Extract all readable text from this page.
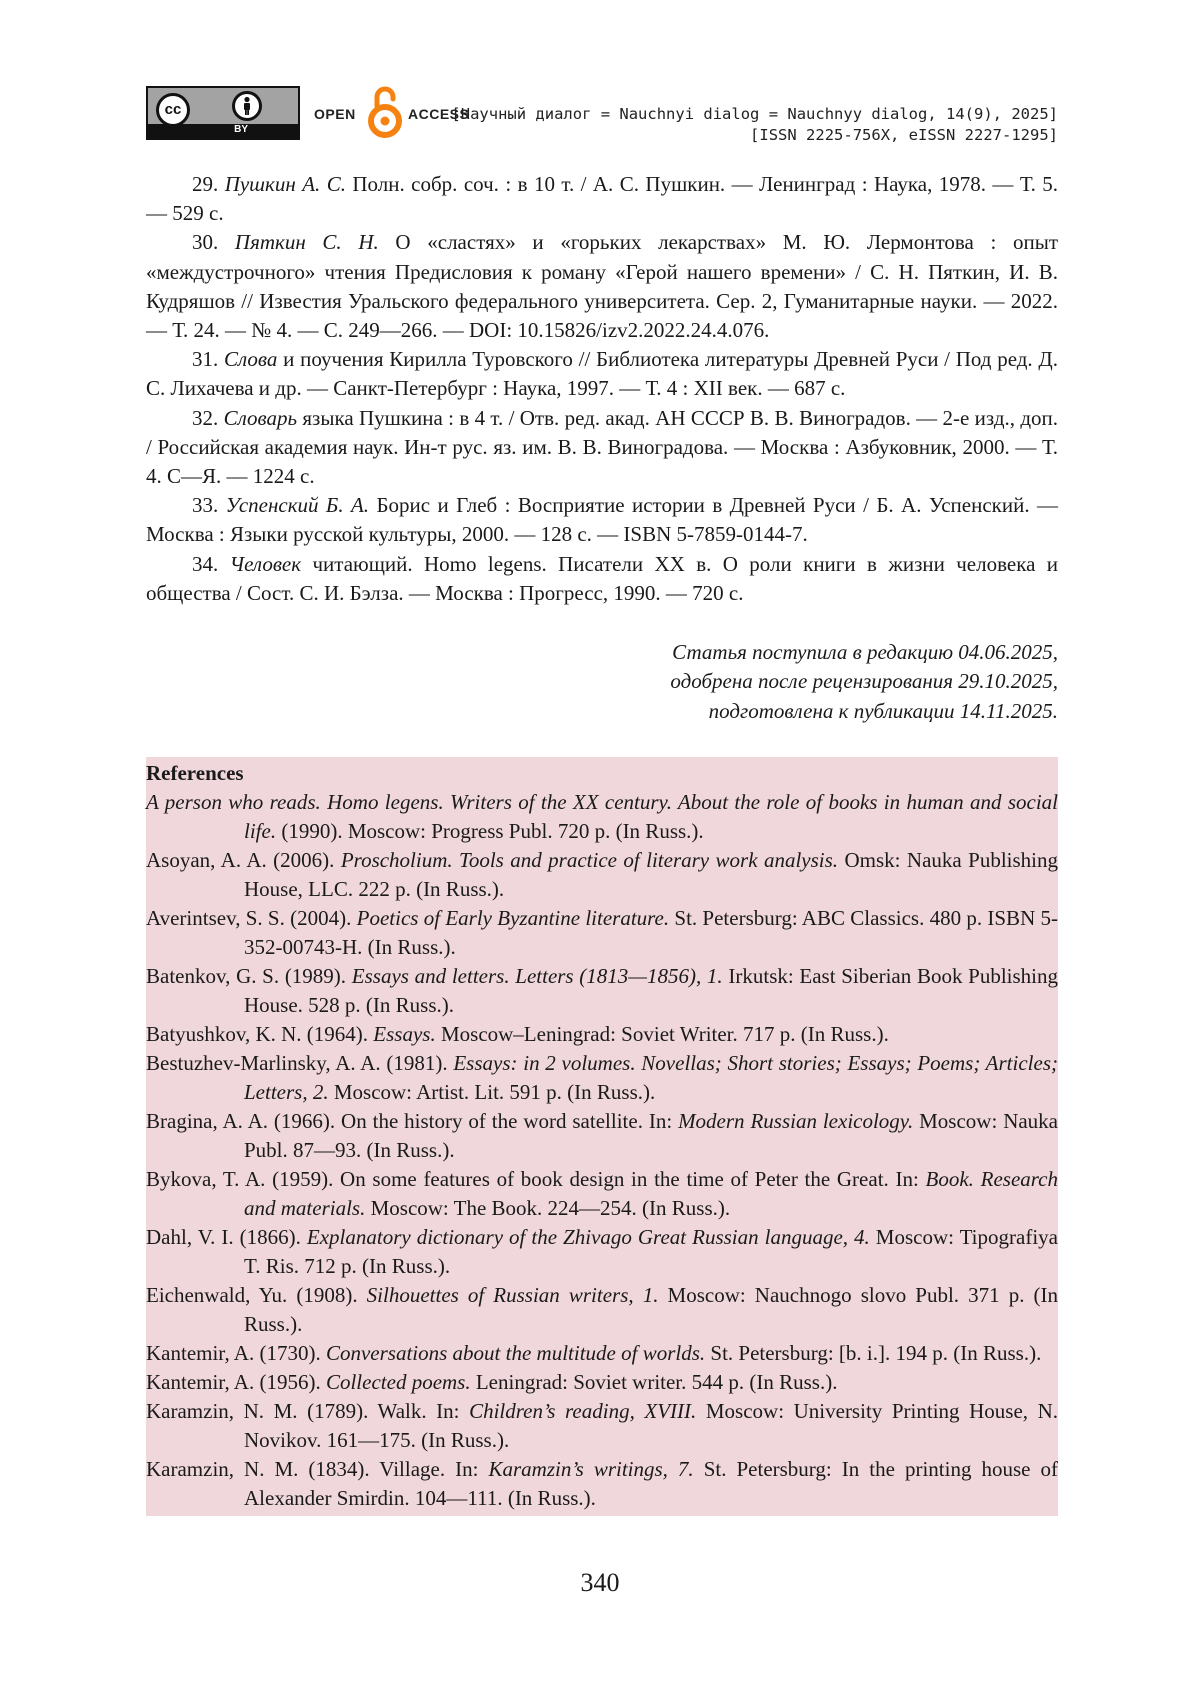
cc
BY
OPEN	ACCESS
[Научный диалог = Nauchnyi dialog = Nauchnyy dialog, 14(9), 2025]
[ISSN 2225-756X, eISSN 2227-1295]

29. Пушкин А. С. Полн. собр. соч. : в 10 т. / А. С. Пушкин. — Ленинград : Наука, 1978. — Т. 5. — 529 с.

30. Пяткин С. Н. О «сластях» и «горьких лекарствах» М. Ю. Лермонтова : опыт «междустрочного» чтения Предисловия к роману «Герой нашего времени» / С. Н. Пяткин, И. В. Кудряшов // Известия Уральского федерального университета. Сер. 2, Гуманитарные науки. — 2022. — Т. 24. — № 4. — С. 249—266. — DOI: 10.15826/izv2.2022.24.4.076.

31. Слова и поучения Кирилла Туровского // Библиотека литературы Древней Руси / Под ред. Д. С. Лихачева и др. — Санкт-Петербург : Наука, 1997. — Т. 4 : XII век. — 687 с.

32. Словарь языка Пушкина : в 4 т. / Отв. ред. акад. АН СССР В. В. Виноградов. — 2-е изд., доп. / Российская академия наук. Ин-т рус. яз. им. В. В. Виноградова. — Москва : Азбуковник, 2000. — Т. 4. С—Я. — 1224 с.

33. Успенский Б. А. Борис и Глеб : Восприятие истории в Древней Руси / Б. А. Успенский. — Москва : Языки русской культуры, 2000. — 128 с. — ISBN 5-7859-0144-7.

34. Человек читающий. Homo legens. Писатели XX в. О роли книги в жизни человека и общества / Сост. С. И. Бэлза. — Москва : Прогресс, 1990. — 720 с.

Статья поступила в редакцию 04.06.2025,
одобрена после рецензирования 29.10.2025,
подготовлена к публикации 14.11.2025.

References

A person who reads. Homo legens. Writers of the XX century. About the role of books in human and social life. (1990). Moscow: Progress Publ. 720 p. (In Russ.).

Asoyan, A. A. (2006). Proscholium. Tools and practice of literary work analysis. Omsk: Nauka Publishing House, LLC. 222 p. (In Russ.).

Averintsev, S. S. (2004). Poetics of Early Byzantine literature. St. Petersburg: ABC Classics. 480 p. ISBN 5-352-00743-H. (In Russ.).

Batenkov, G. S. (1989). Essays and letters. Letters (1813—1856), 1. Irkutsk: East Siberian Book Publishing House. 528 p. (In Russ.).

Batyushkov, K. N. (1964). Essays. Moscow–Leningrad: Soviet Writer. 717 p. (In Russ.).

Bestuzhev-Marlinsky, A. A. (1981). Essays: in 2 volumes. Novellas; Short stories; Essays; Poems; Articles; Letters, 2. Moscow: Artist. Lit. 591 p. (In Russ.).

Bragina, A. A. (1966). On the history of the word satellite. In: Modern Russian lexicology. Moscow: Nauka Publ. 87—93. (In Russ.).

Bykova, T. A. (1959). On some features of book design in the time of Peter the Great. In: Book. Research and materials. Moscow: The Book. 224—254. (In Russ.).

Dahl, V. I. (1866). Explanatory dictionary of the Zhivago Great Russian language, 4. Moscow: Tipografiya T. Ris. 712 p. (In Russ.).

Eichenwald, Yu. (1908). Silhouettes of Russian writers, 1. Moscow: Nauchnogo slovo Publ. 371 p. (In Russ.).

Kantemir, A. (1730). Conversations about the multitude of worlds. St. Petersburg: [b. i.]. 194 p. (In Russ.).

Kantemir, A. (1956). Collected poems. Leningrad: Soviet writer. 544 p. (In Russ.).

Karamzin, N. M. (1789). Walk. In: Children’s reading, XVIII. Moscow: University Printing House, N. Novikov. 161—175. (In Russ.).

Karamzin, N. M. (1834). Village. In: Karamzin’s writings, 7. St. Petersburg: In the printing house of Alexander Smirdin. 104—111. (In Russ.).

340
